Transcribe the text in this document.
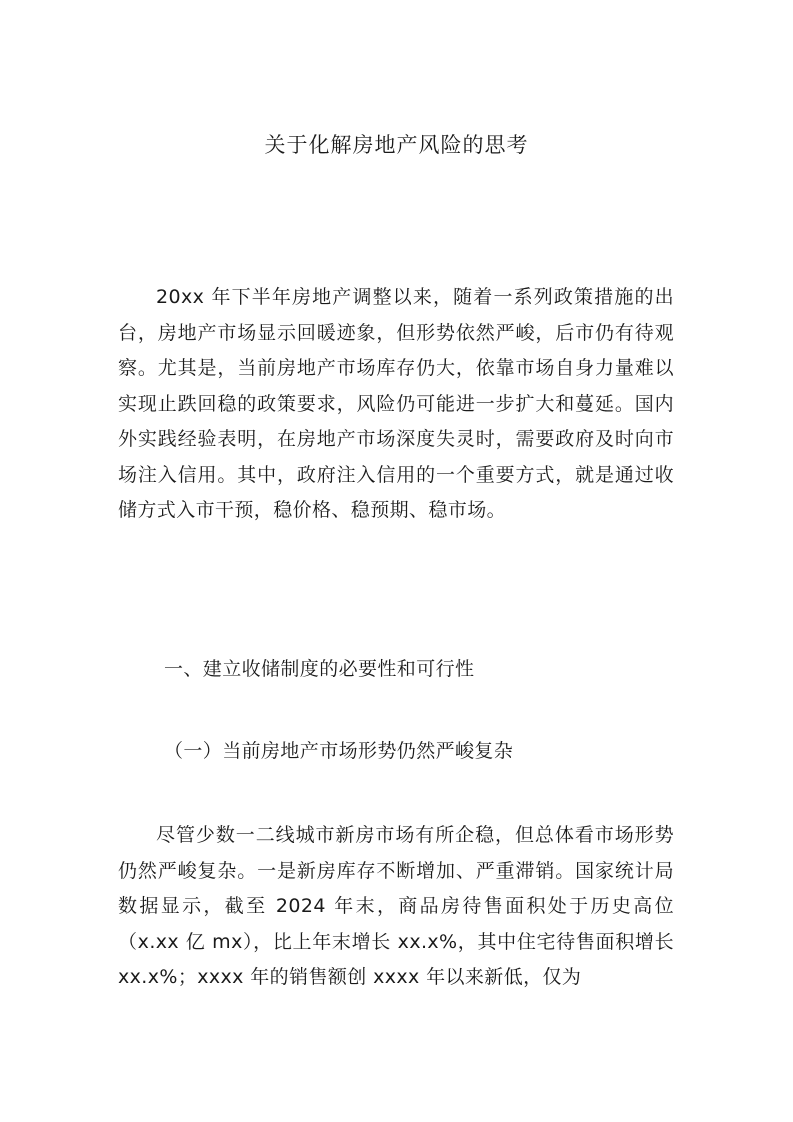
关于化解房地产风险的思考

20xx 年下半年房地产调整以来，随着一系列政策措施的出台，房地产市场显示回暖迹象，但形势依然严峻，后市仍有待观察。尤其是，当前房地产市场库存仍大，依靠市场自身力量难以实现止跌回稳的政策要求，风险仍可能进一步扩大和蔓延。国内外实践经验表明，在房地产市场深度失灵时，需要政府及时向市场注入信用。其中，政府注入信用的一个重要方式，就是通过收储方式入市干预，稳价格、稳预期、稳市场。

一、建立收储制度的必要性和可行性
（一）当前房地产市场形势仍然严峻复杂

尽管少数一二线城市新房市场有所企稳，但总体看市场形势仍然严峻复杂。一是新房库存不断增加、严重滞销。国家统计局数据显示，截至 2024 年末，商品房待售面积处于历史高位（x.xx 亿 mx），比上年末增长 xx.x%，其中住宅待售面积增长 xx.x%；xxxx 年的销售额创 xxxx 年以来新低，仅为
